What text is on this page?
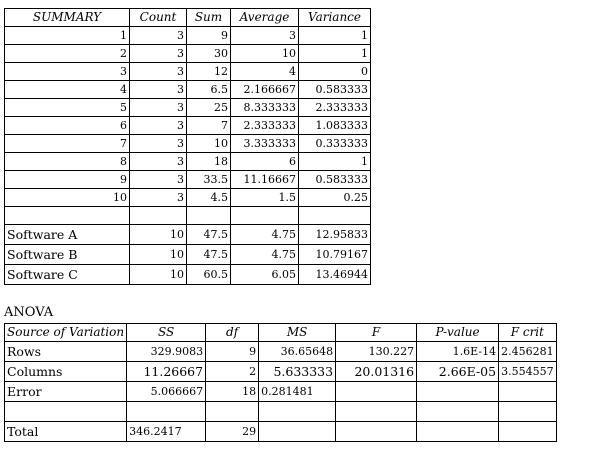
SUMMARY	Count	Sum	Average	Variance
1	3	9	3	1
2	3	30	10	1
3	3	12	4	0
4	3	6.5	2.166667	0.583333
5	3	25	8.333333	2.333333
6	3	7	2.333333	1.083333
7	3	10	3.333333	0.333333
8	3	18	6	1
9	3	33.5	11.16667	0.583333
10	3	4.5	1.5	0.25

Software A	10	47.5	4.75	12.95833
Software B	10	47.5	4.75	10.79167
Software C	10	60.5	6.05	13.46944
ANOVA
Source of Variation	SS	df	MS	F	P-value	F crit
Rows	329.9083	9	36.65648	130.227	1.6E-14	2.456281
Columns	11.26667	2	5.633333	20.01316	2.66E-05	3.554557
Error	5.066667	18	0.281481			

Total	346.2417	29				
